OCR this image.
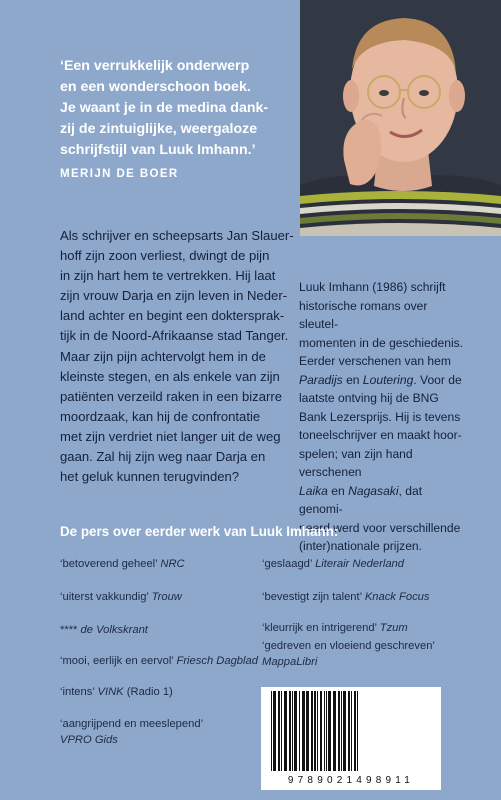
‘Een verrukkelijk onderwerp
en een wonderschoon boek.
Je waant je in de medina dank-
zij de zintuiglijke, weergaloze
schrijfstijl van Luuk Imhann.’
MERIJN DE BOER

Als schrijver en scheepsarts Jan Slauer-

hoff zijn zoon verliest, dwingt de pijn

in zijn hart hem te vertrekken. Hij laat

zijn vrouw Darja en zijn leven in Neder-

land achter en begint een doktersprak-

tijk in de Noord-Afrikaanse stad Tanger.

Maar zijn pijn achtervolgt hem in de

kleinste stegen, en als enkele van zijn

patiënten verzeild raken in een bizarre

moordzaak, kan hij de confrontatie

met zijn verdriet niet langer uit de weg

gaan. Zal hij zijn weg naar Darja en

het geluk kunnen terugvinden?

Luuk Imhann (1986) schrijft

historische romans over sleutel-

momenten in de geschiedenis.

Eerder verschenen van hem

Paradijs en Loutering. Voor de

laatste ontving hij de BNG

Bank Lezersprijs. Hij is tevens

toneelschrijver en maakt hoor-

spelen; van zijn hand verschenen

Laika en Nagasaki, dat genomi-

neerd werd voor verschillende

(inter)nationale prijzen.

De pers over eerder werk van Luuk Imhann:
‘betoverend geheel’ NRC
‘uiterst vakkundig’ Trouw
**** de Volkskrant
‘mooi, eerlijk en eervol’ Friesch Dagblad
‘intens’ VINK (Radio 1)
‘aangrijpend en meeslepend’
VPRO Gids
‘geslaagd’ Literair Nederland
‘bevestigt zijn talent’ Knack Focus
‘kleurrijk en intrigerend’ Tzum
‘gedreven en vloeiend geschreven’
MappaLibri
9789021498911
